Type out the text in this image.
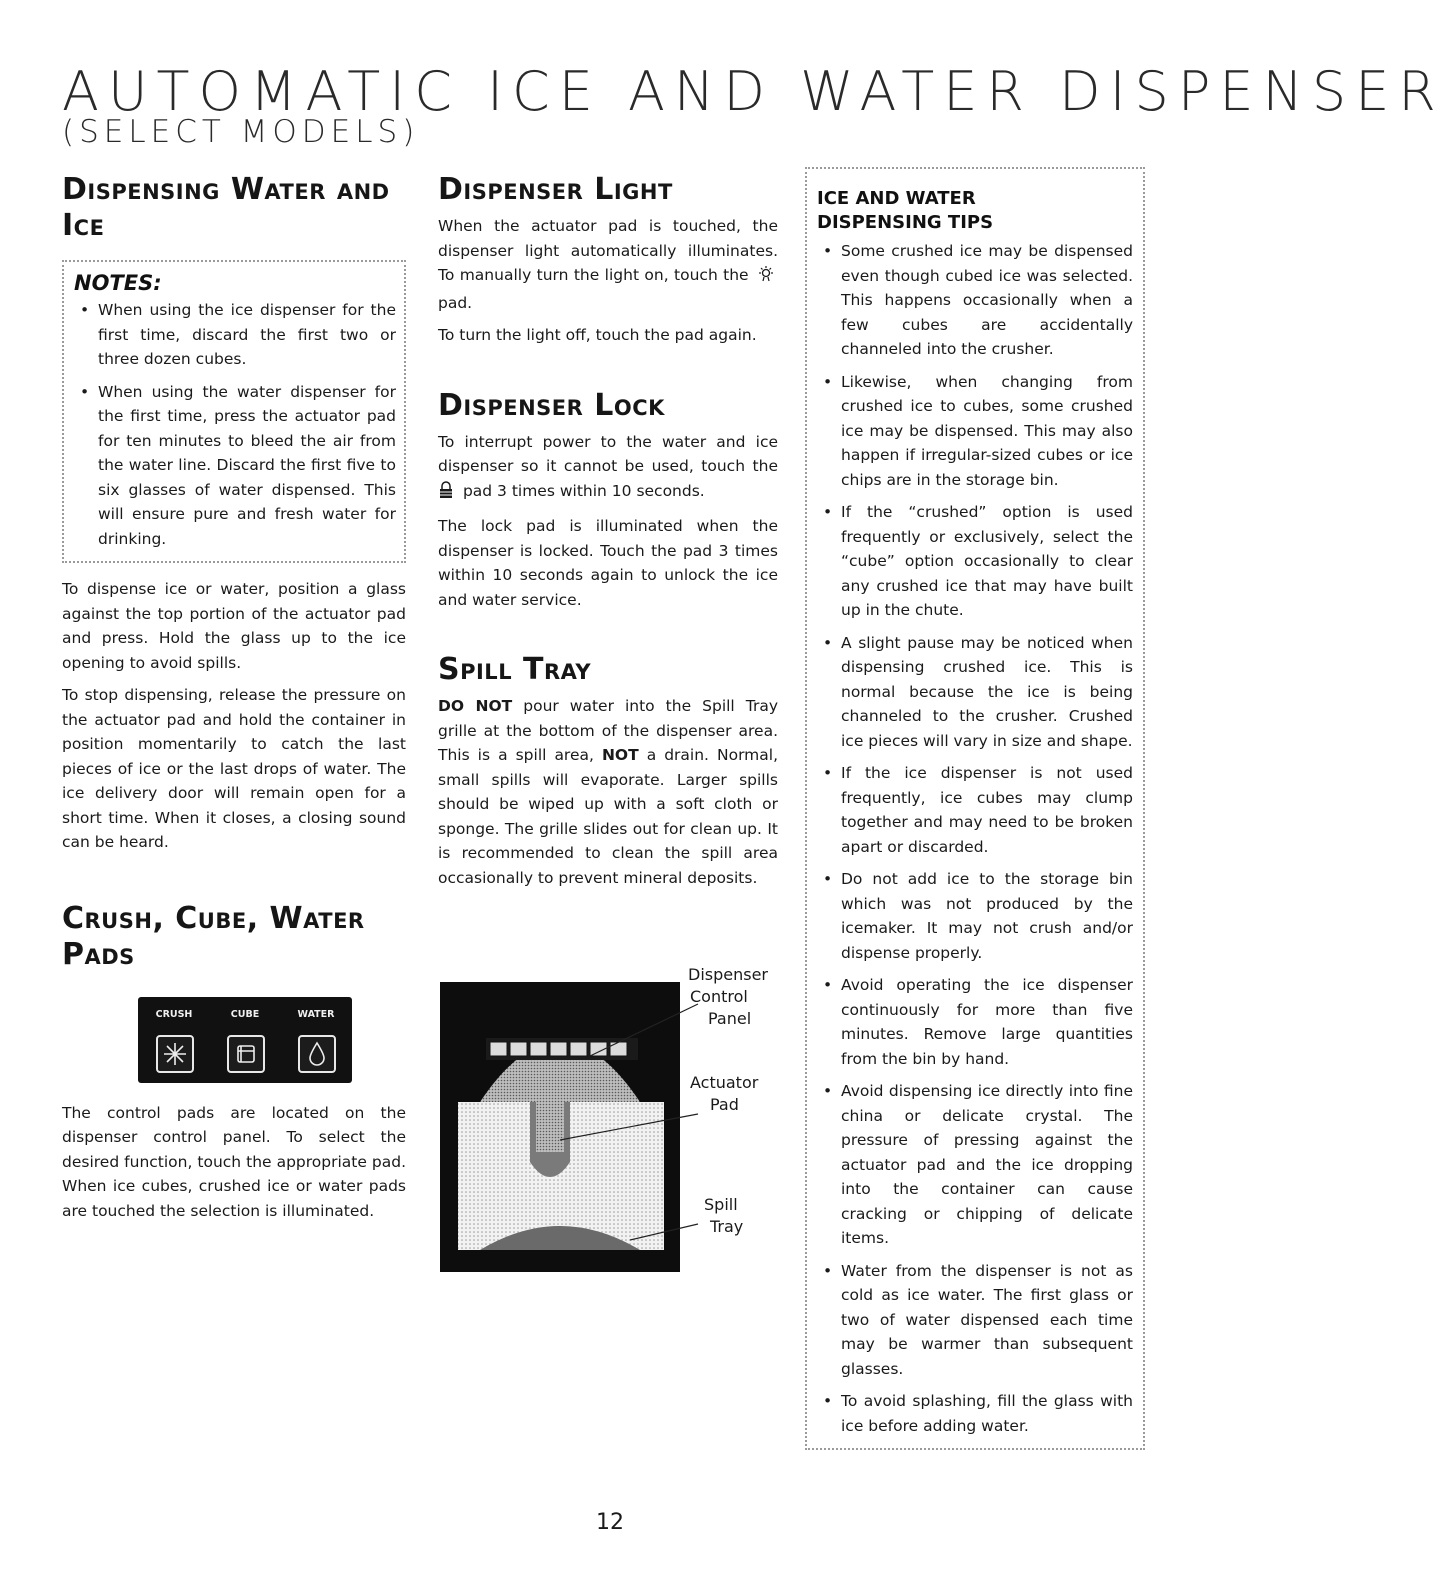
AUTOMATIC ICE AND WATER DISPENSER
(SELECT MODELS)
Dispensing Water and Ice
NOTES:
• When using the ice dispenser for the first time, discard the first two or three dozen cubes.
• When using the water dispenser for the first time, press the actuator pad for ten minutes to bleed the air from the water line. Discard the first five to six glasses of water dispensed. This will ensure pure and fresh water for drinking.

To dispense ice or water, position a glass against the top portion of the actuator pad and press. Hold the glass up to the ice opening to avoid spills.

To stop dispensing, release the pressure on the actuator pad and hold the container in position momentarily to catch the last pieces of ice or the last drops of water. The ice delivery door will remain open for a short time. When it closes, a closing sound can be heard.

Crush, Cube, Water Pads
CRUSH	CUBE	WATER

The control pads are located on the dispenser control panel. To select the desired function, touch the appropriate pad. When ice cubes, crushed ice or water pads are touched the selection is illuminated.

Dispenser Light

When the actuator pad is touched, the dispenser light automatically illuminates. To manually turn the light on, touch the  pad.

To turn the light off, touch the pad again.

Dispenser Lock

To interrupt power to the water and ice dispenser so it cannot be used, touch the  pad 3 times within 10 seconds.

The lock pad is illuminated when the dispenser is locked. Touch the pad 3 times within 10 seconds again to unlock the ice and water service.

Spill Tray

DO NOT pour water into the Spill Tray grille at the bottom of the dispenser area. This is a spill area, NOT a drain. Normal, small spills will evaporate. Larger spills should be wiped up with a soft cloth or sponge. The grille slides out for clean up. It is recommended to clean the spill area occasionally to prevent mineral deposits.

Dispenser
Control
Panel
Actuator
Pad
Spill
Tray
ICE AND WATER
DISPENSING TIPS
• Some crushed ice may be dispensed even though cubed ice was selected. This happens occasionally when a few cubes are accidentally channeled into the crusher.
• Likewise, when changing from crushed ice to cubes, some crushed ice may be dispensed. This may also happen if irregular-sized cubes or ice chips are in the storage bin.
• If the “crushed” option is used frequently or exclusively, select the “cube” option occasionally to clear any crushed ice that may have built up in the chute.
• A slight pause may be noticed when dispensing crushed ice. This is normal because the ice is being channeled to the crusher. Crushed ice pieces will vary in size and shape.
• If the ice dispenser is not used frequently, ice cubes may clump together and may need to be broken apart or discarded.
• Do not add ice to the storage bin which was not produced by the icemaker. It may not crush and/or dispense properly.
• Avoid operating the ice dispenser continuously for more than five minutes. Remove large quantities from the bin by hand.
• Avoid dispensing ice directly into fine china or delicate crystal. The pressure of pressing against the actuator pad and the ice dropping into the container can cause cracking or chipping of delicate items.
• Water from the dispenser is not as cold as ice water. The first glass or two of water dispensed each time may be warmer than subsequent glasses.
• To avoid splashing, fill the glass with ice before adding water.
12
